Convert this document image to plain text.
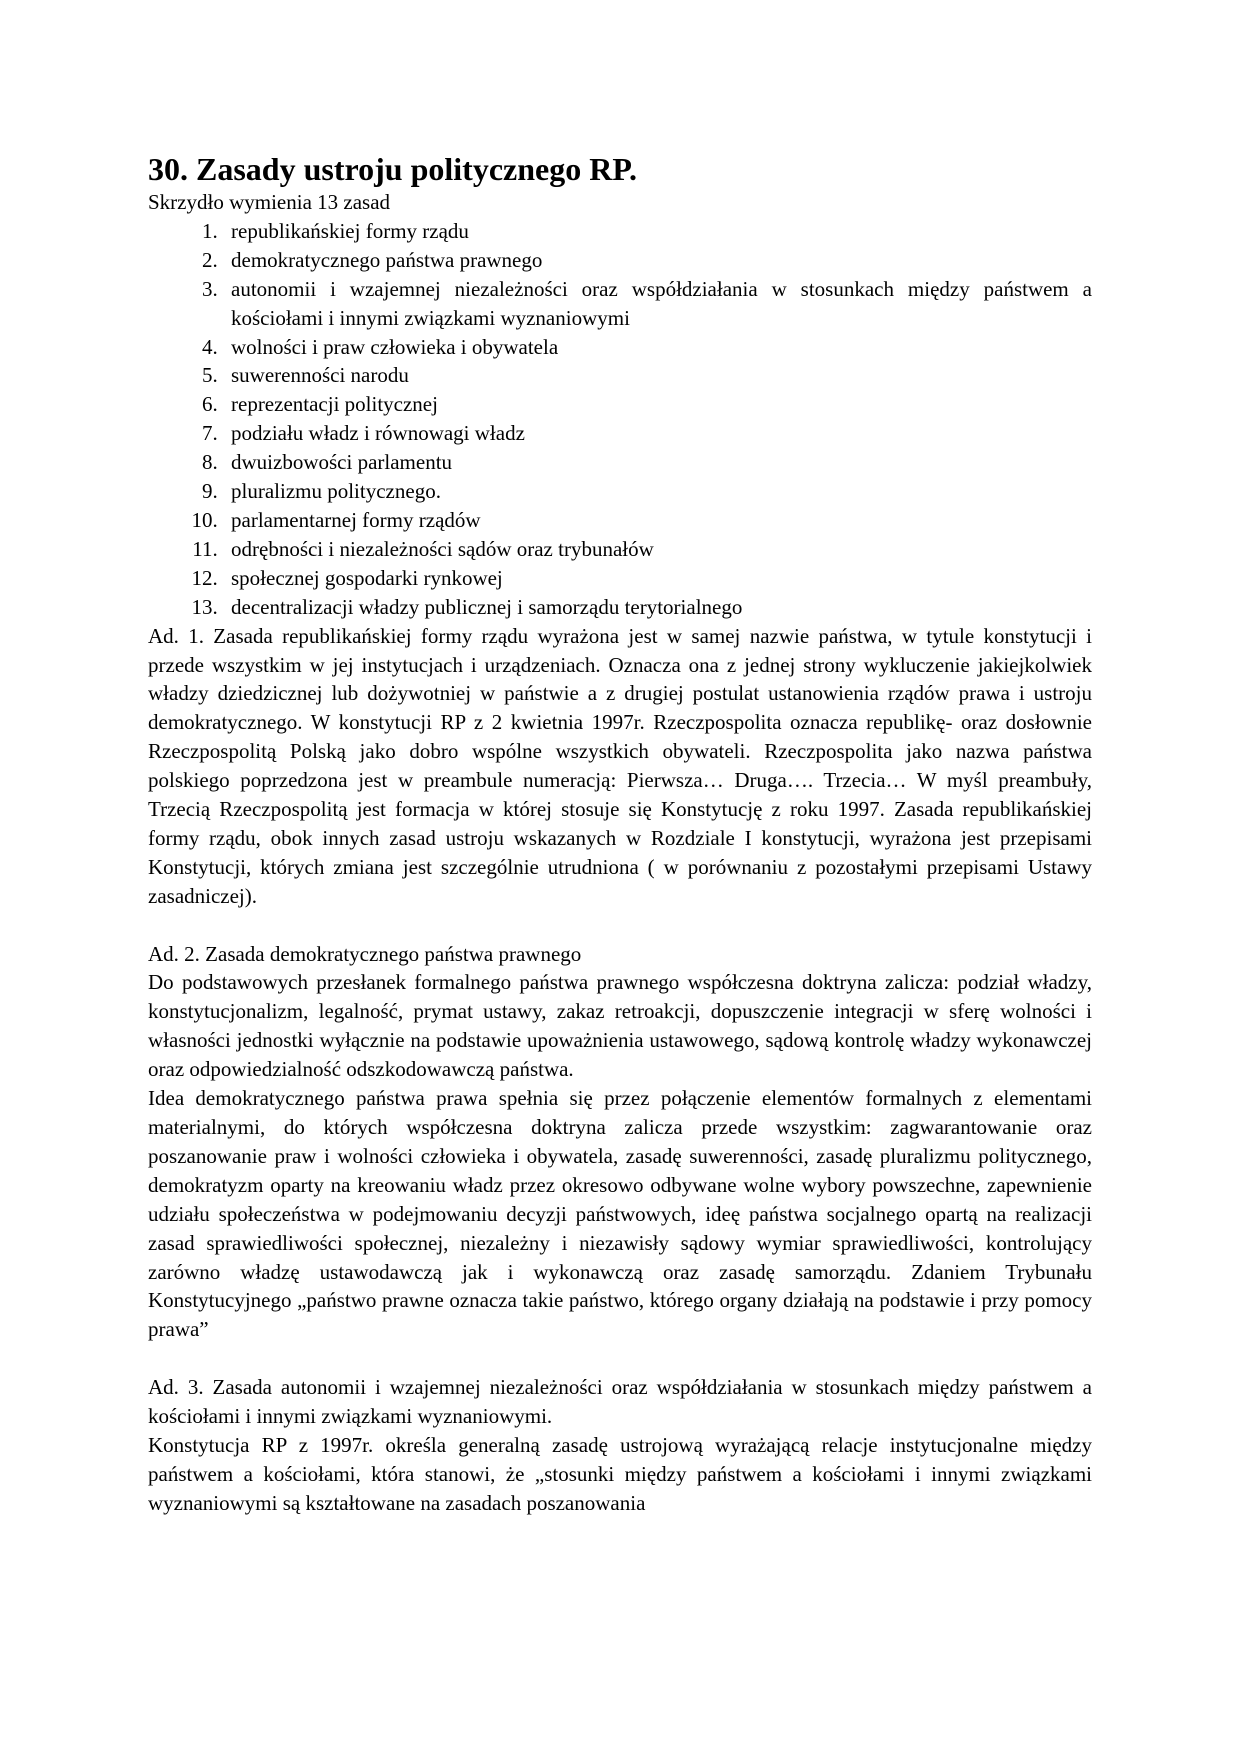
30. Zasady ustroju politycznego RP.

Skrzydło wymienia 13 zasad

1. republikańskiej formy rządu
2. demokratycznego państwa prawnego
3. autonomii i wzajemnej niezależności oraz współdziałania w stosunkach między państwem a kościołami i innymi związkami wyznaniowymi
4. wolności i praw człowieka i obywatela
5. suwerenności narodu
6. reprezentacji politycznej
7. podziału władz i równowagi władz
8. dwuizbowości parlamentu
9. pluralizmu politycznego.
10. parlamentarnej formy rządów
11. odrębności i niezależności sądów oraz trybunałów
12. społecznej gospodarki rynkowej
13. decentralizacji władzy publicznej i samorządu terytorialnego

Ad. 1. Zasada republikańskiej formy rządu wyrażona jest w samej nazwie państwa, w tytule konstytucji i przede wszystkim w jej instytucjach i urządzeniach. Oznacza ona z jednej strony wykluczenie jakiejkolwiek władzy dziedzicznej lub dożywotniej w państwie a z drugiej postulat ustanowienia rządów prawa i ustroju demokratycznego. W konstytucji RP z 2 kwietnia 1997r. Rzeczpospolita oznacza republikę- oraz dosłownie Rzeczpospolitą Polską jako dobro wspólne wszystkich obywateli. Rzeczpospolita jako nazwa państwa polskiego poprzedzona jest w preambule numeracją: Pierwsza… Druga…. Trzecia… W myśl preambuły, Trzecią Rzeczpospolitą jest formacja w której stosuje się Konstytucję z roku 1997. Zasada republikańskiej formy rządu, obok innych zasad ustroju wskazanych w Rozdziale I konstytucji, wyrażona jest przepisami Konstytucji, których zmiana jest szczególnie utrudniona ( w porównaniu z pozostałymi przepisami Ustawy zasadniczej).

Ad. 2. Zasada demokratycznego państwa prawnego

Do podstawowych przesłanek formalnego państwa prawnego współczesna doktryna zalicza: podział władzy, konstytucjonalizm, legalność, prymat ustawy, zakaz retroakcji, dopuszczenie integracji w sferę wolności i własności jednostki wyłącznie na podstawie upoważnienia ustawowego, sądową kontrolę władzy wykonawczej oraz odpowiedzialność odszkodowawczą państwa.

Idea demokratycznego państwa prawa spełnia się przez połączenie elementów formalnych z elementami materialnymi, do których współczesna doktryna zalicza przede wszystkim: zagwarantowanie oraz poszanowanie praw i wolności człowieka i obywatela, zasadę suwerenności, zasadę pluralizmu politycznego, demokratyzm oparty na kreowaniu władz przez okresowo odbywane wolne wybory powszechne, zapewnienie udziału społeczeństwa w podejmowaniu decyzji państwowych, ideę państwa socjalnego opartą na realizacji zasad sprawiedliwości społecznej, niezależny i niezawisły sądowy wymiar sprawiedliwości, kontrolujący zarówno władzę ustawodawczą jak i wykonawczą oraz zasadę samorządu. Zdaniem Trybunału Konstytucyjnego „państwo prawne oznacza takie państwo, którego organy działają na podstawie i przy pomocy prawa”

Ad. 3. Zasada autonomii i wzajemnej niezależności oraz współdziałania w stosunkach między państwem a kościołami i innymi związkami wyznaniowymi.

Konstytucja RP z 1997r. określa generalną zasadę ustrojową wyrażającą relacje instytucjonalne między państwem a kościołami, która stanowi, że „stosunki między państwem a kościołami i innymi związkami wyznaniowymi są kształtowane na zasadach poszanowania
